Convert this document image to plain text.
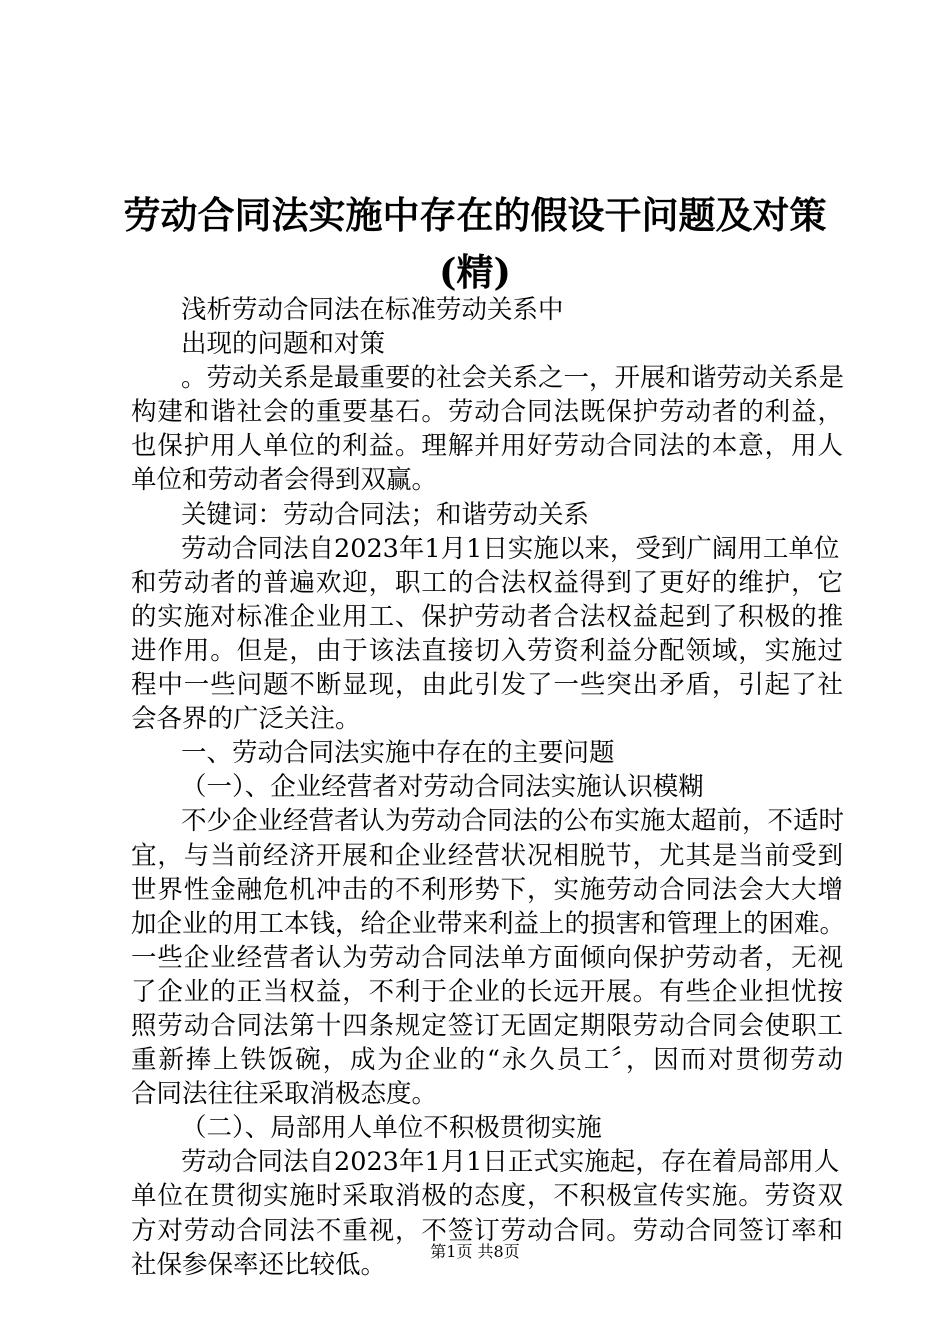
劳动合同法实施中存在的假设干问题及对策
(精)
浅析劳动合同法在标准劳动关系中
出现的问题和对策
。劳动关系是最重要的社会关系之一，开展和谐劳动关系是
构建和谐社会的重要基石。劳动合同法既保护劳动者的利益，
也保护用人单位的利益。理解并用好劳动合同法的本意，用人
单位和劳动者会得到双赢。
关键词：劳动合同法；和谐劳动关系
劳动合同法自2023年1月1日实施以来，受到广阔用工单位
和劳动者的普遍欢迎，职工的合法权益得到了更好的维护，它
的实施对标准企业用工、保护劳动者合法权益起到了积极的推
进作用。但是，由于该法直接切入劳资利益分配领域，实施过
程中一些问题不断显现，由此引发了一些突出矛盾，引起了社
会各界的广泛关注。
一、劳动合同法实施中存在的主要问题
（一）、企业经营者对劳动合同法实施认识模糊
不少企业经营者认为劳动合同法的公布实施太超前，不适时
宜，与当前经济开展和企业经营状况相脱节，尤其是当前受到
世界性金融危机冲击的不利形势下，实施劳动合同法会大大增
加企业的用工本钱，给企业带来利益上的损害和管理上的困难。
一些企业经营者认为劳动合同法单方面倾向保护劳动者，无视
了企业的正当权益，不利于企业的长远开展。有些企业担忧按
照劳动合同法第十四条规定签订无固定期限劳动合同会使职工
重新捧上铁饭碗，成为企业的“永久员工〞，因而对贯彻劳动
合同法往往采取消极态度。
（二）、局部用人单位不积极贯彻实施
劳动合同法自2023年1月1日正式实施起，存在着局部用人
单位在贯彻实施时采取消极的态度，不积极宣传实施。劳资双
方对劳动合同法不重视，不签订劳动合同。劳动合同签订率和
社保参保率还比较低。	第1页 共8页
